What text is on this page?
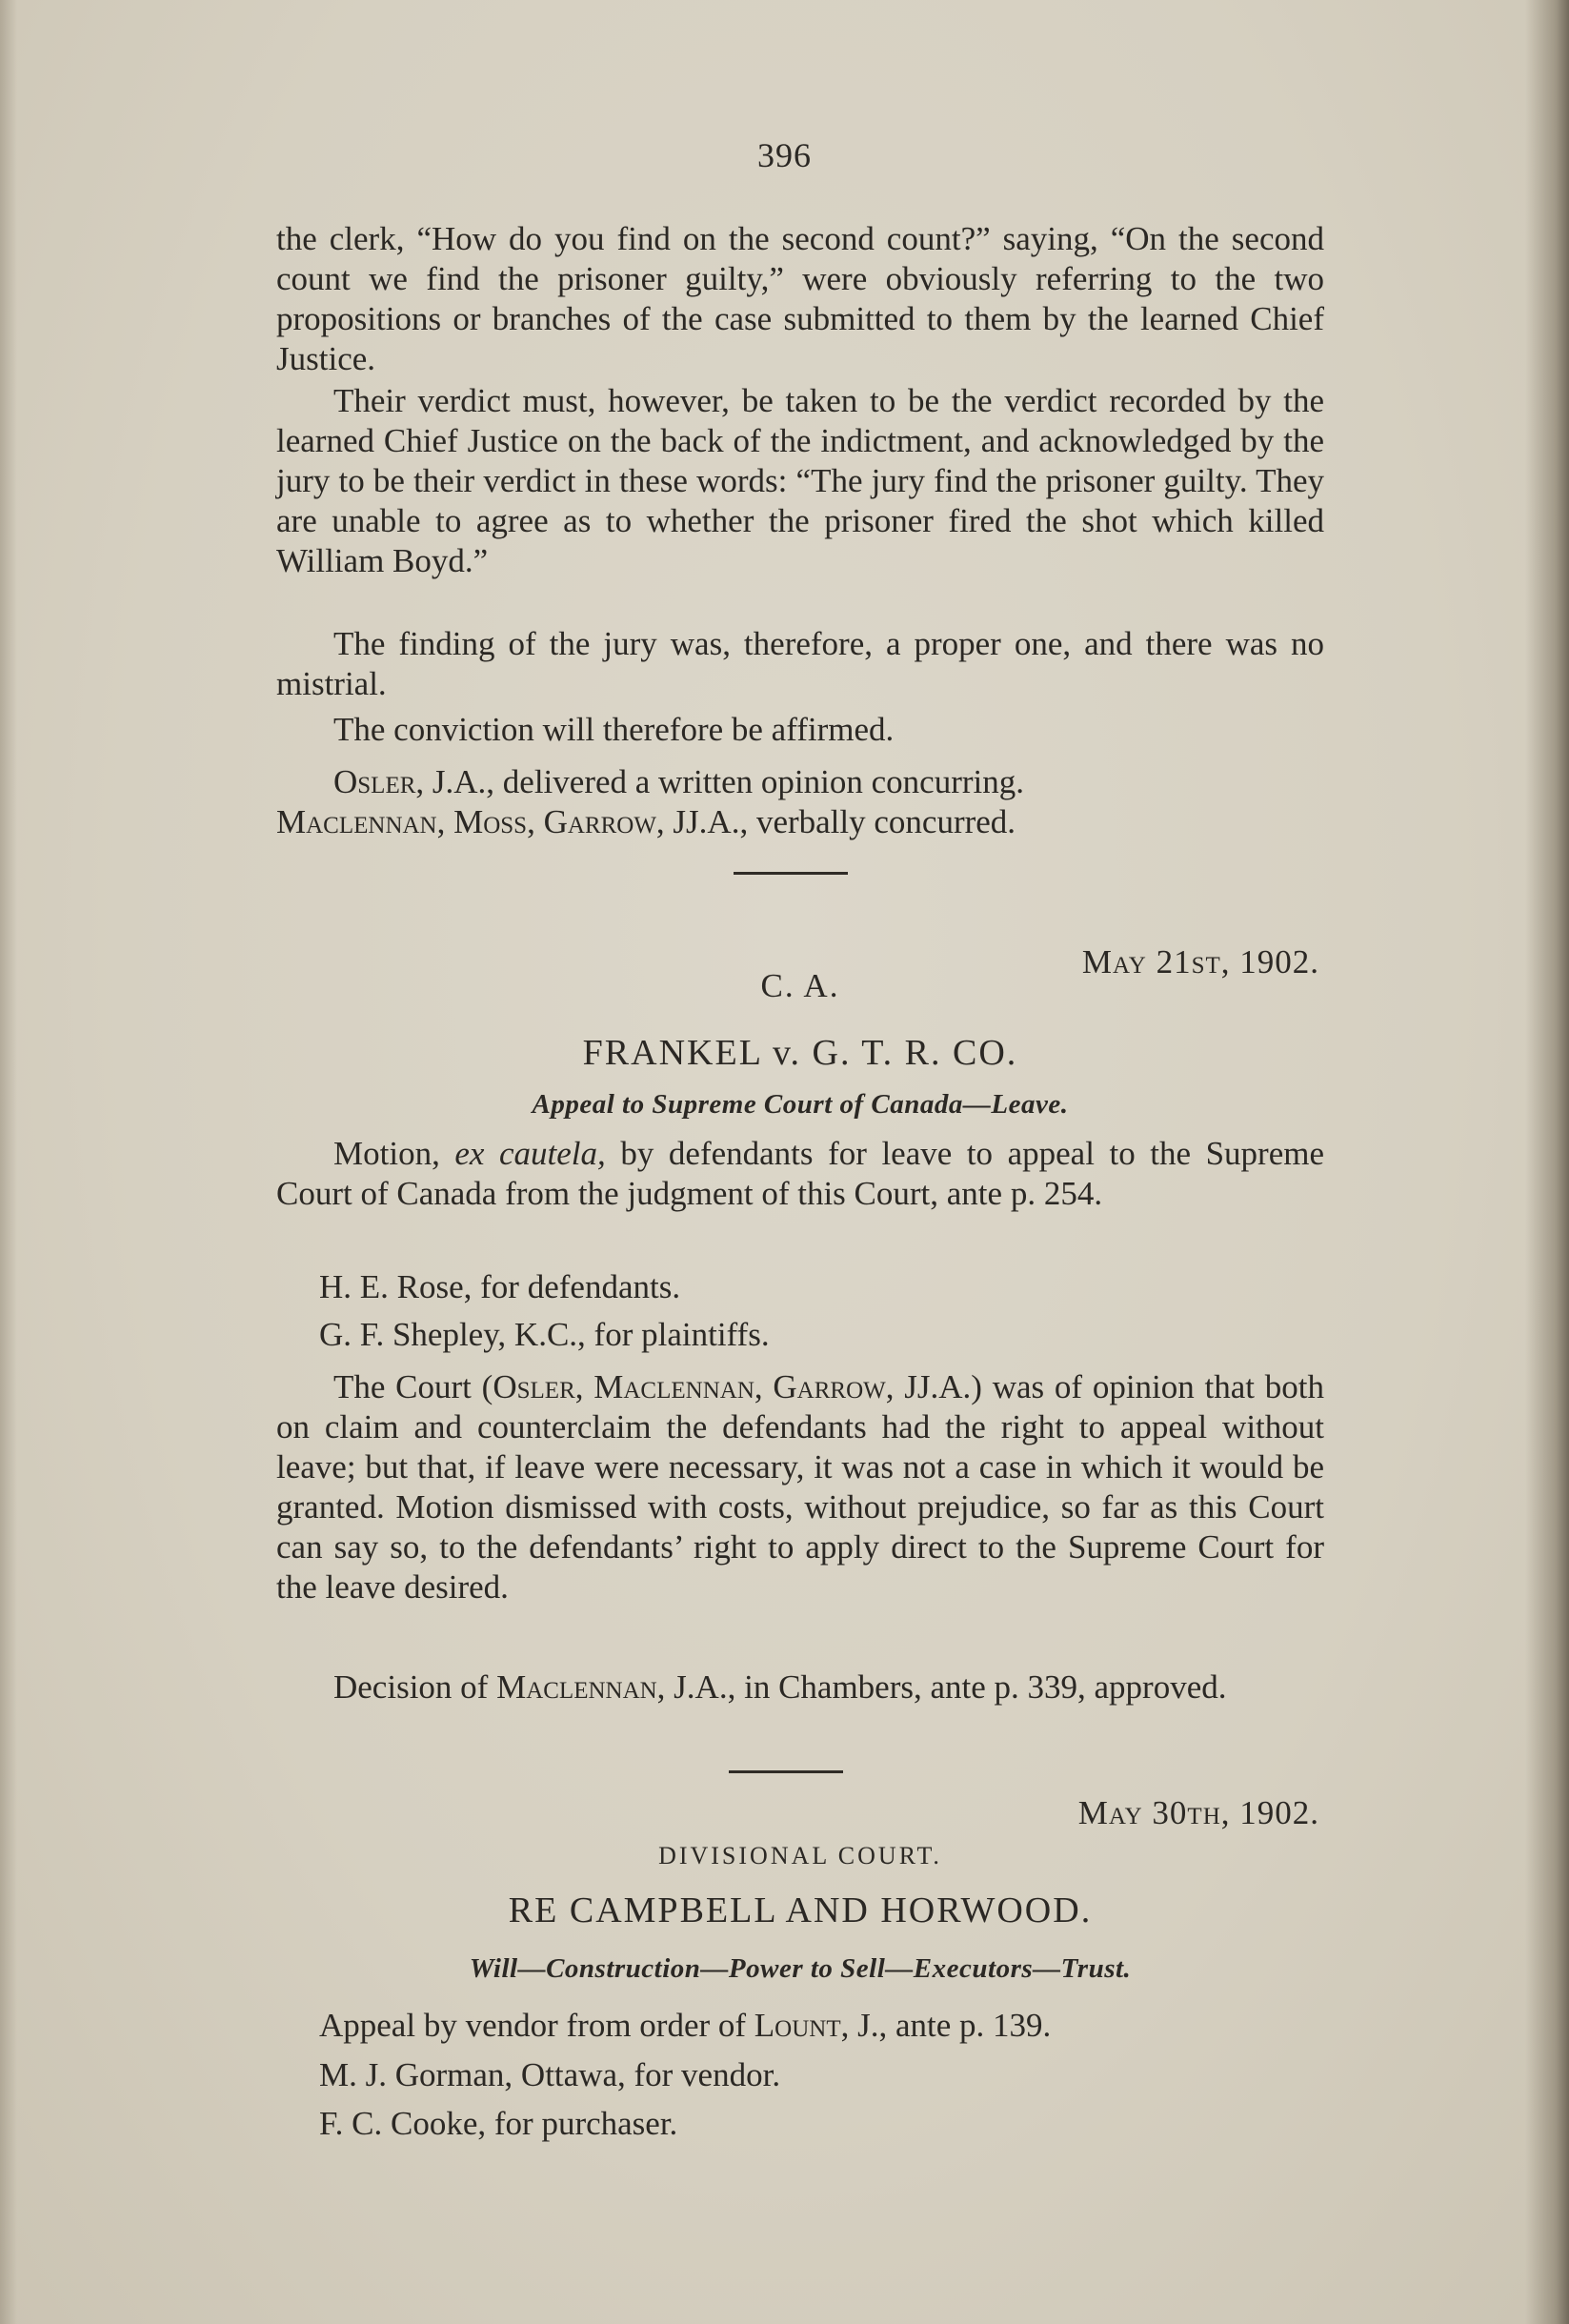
396

the clerk, “How do you find on the second count?” saying, “On the second count we find the prisoner guilty,” were obviously referring to the two propositions or branches of the case submitted to them by the learned Chief Justice.

Their verdict must, however, be taken to be the verdict recorded by the learned Chief Justice on the back of the indictment, and acknowledged by the jury to be their verdict in these words: “The jury find the prisoner guilty. They are unable to agree as to whether the prisoner fired the shot which killed William Boyd.”

The finding of the jury was, therefore, a proper one, and there was no mistrial.

The conviction will therefore be affirmed.

Osler, J.A., delivered a written opinion concurring.
Maclennan, Moss, Garrow, JJ.A., verbally concurred.

May 21st, 1902.
C. A.
FRANKEL v. G. T. R. CO.
Appeal to Supreme Court of Canada—Leave.

Motion, ex cautela, by defendants for leave to appeal to the Supreme Court of Canada from the judgment of this Court, ante p. 254.

H. E. Rose, for defendants.
G. F. Shepley, K.C., for plaintiffs.

The Court (Osler, Maclennan, Garrow, JJ.A.) was of opinion that both on claim and counterclaim the defendants had the right to appeal without leave; but that, if leave were necessary, it was not a case in which it would be granted. Motion dismissed with costs, without prejudice, so far as this Court can say so, to the defendants’ right to apply direct to the Supreme Court for the leave desired.

Decision of Maclennan, J.A., in Chambers, ante p. 339, approved.

May 30th, 1902.
DIVISIONAL COURT.
RE CAMPBELL AND HORWOOD.
Will—Construction—Power to Sell—Executors—Trust.
Appeal by vendor from order of Lount, J., ante p. 139.
M. J. Gorman, Ottawa, for vendor.
F. C. Cooke, for purchaser.
